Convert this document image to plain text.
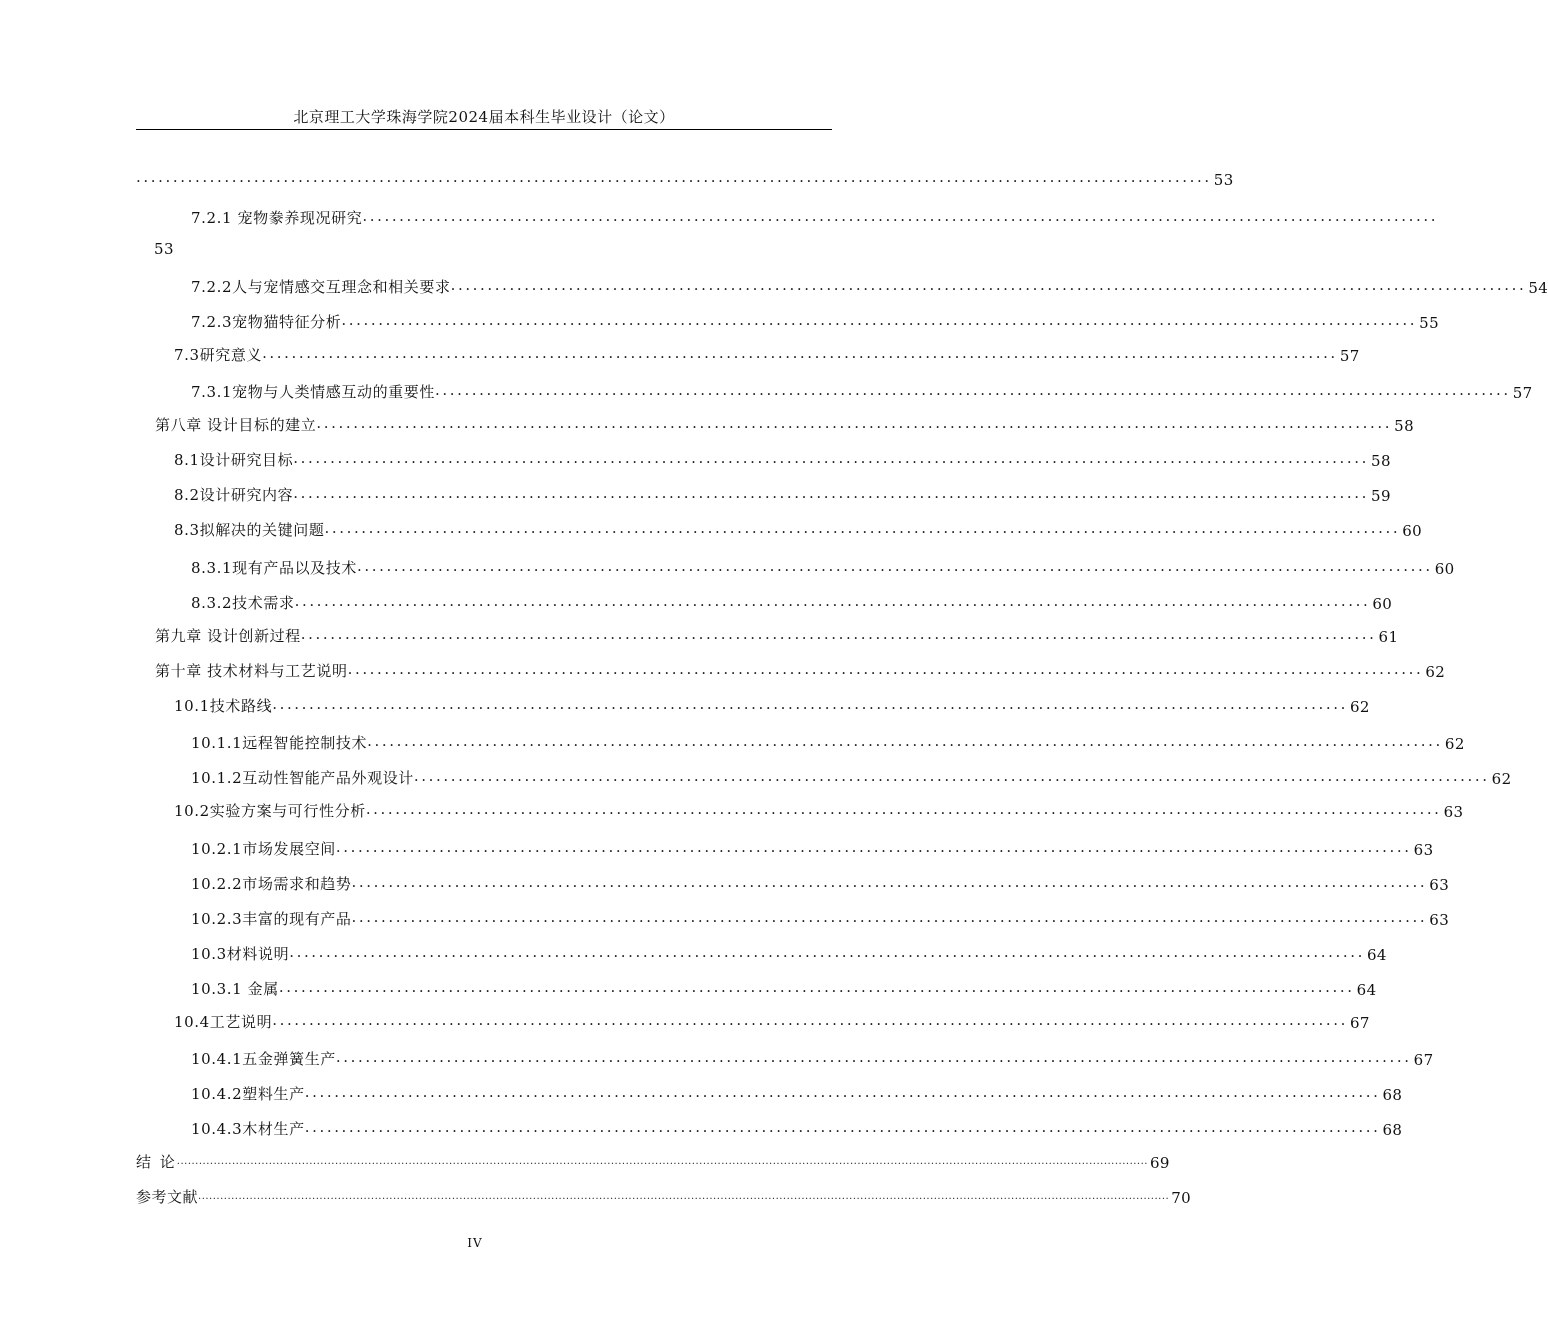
北京理工大学珠海学院2024届本科生毕业设计（论文）
.................................................................................................................................................. 53
7.2.1 宠物豢养现况研究 ..................................................................................................................................................
53
7.2.2人与宠情感交互理念和相关要求 .................................................................................................................................................. 54
7.2.3宠物猫特征分析 .................................................................................................................................................. 55
7.3研究意义 .................................................................................................................................................. 57
7.3.1宠物与人类情感互动的重要性 .................................................................................................................................................. 57
第八章 设计目标的建立 .................................................................................................................................................. 58
8.1设计研究目标 .................................................................................................................................................. 58
8.2设计研究内容 .................................................................................................................................................. 59
8.3拟解决的关键问题 .................................................................................................................................................. 60
8.3.1现有产品以及技术 .................................................................................................................................................. 60
8.3.2技术需求 .................................................................................................................................................. 60
第九章 设计创新过程 .................................................................................................................................................. 61
第十章 技术材料与工艺说明 .................................................................................................................................................. 62
10.1技术路线 .................................................................................................................................................. 62
10.1.1远程智能控制技术 .................................................................................................................................................. 62
10.1.2互动性智能产品外观设计 .................................................................................................................................................. 62
10.2实验方案与可行性分析 .................................................................................................................................................. 63
10.2.1市场发展空间 .................................................................................................................................................. 63
10.2.2市场需求和趋势 .................................................................................................................................................. 63
10.2.3丰富的现有产品 .................................................................................................................................................. 63
10.3材料说明 .................................................................................................................................................. 64
10.3.1 金属 .................................................................................................................................................. 64
10.4工艺说明 .................................................................................................................................................. 67
10.4.1五金弹簧生产 .................................................................................................................................................. 67
10.4.2塑料生产 .................................................................................................................................................. 68
10.4.3木材生产 .................................................................................................................................................. 68
结 论 ........................................................................................................................................................................................................................................................................ 69
参考文献 ........................................................................................................................................................................................................................................................................ 70
IV
